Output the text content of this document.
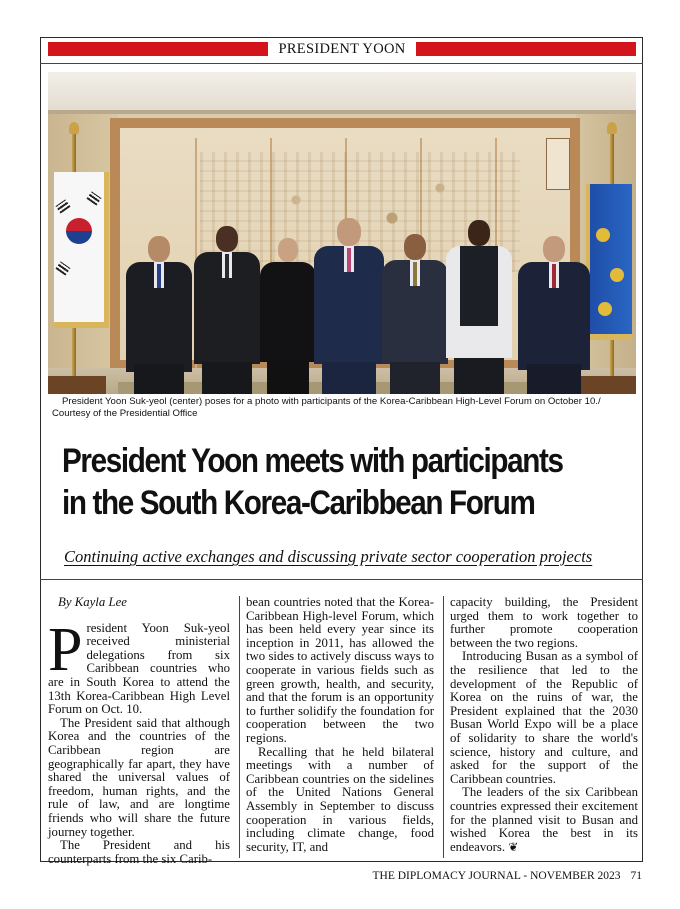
PRESIDENT YOON

President Yoon Suk-yeol (center) poses for a photo with participants of the Korea-Caribbean High-Level Forum on October 10./ Courtesy of the Presidential Office

President Yoon meets with participants
in the South Korea-Caribbean Forum

Continuing active exchanges and discussing private sector cooperation projects

By Kayla Lee

President Yoon Suk-yeol received ministerial delegations from six Caribbean countries who are in South Korea to attend the 13th Korea-Caribbean High Level Forum on Oct. 10.

The President said that although Korea and the countries of the Caribbean region are geographically far apart, they have shared the universal values of freedom, human rights, and the rule of law, and are longtime friends who will share the future journey together.

The President and his counterparts from the six Carib-

bean countries noted that the Korea-Caribbean High-level Forum, which has been held every year since its inception in 2011, has allowed the two sides to actively discuss ways to cooperate in various fields such as green growth, health, and security, and that the forum is an opportunity to further solidify the foundation for cooperation between the two regions.

Recalling that he held bilateral meetings with a number of Caribbean countries on the sidelines of the United Nations General Assembly in September to discuss cooperation in various fields, including climate change, food security, IT, and

capacity building, the President urged them to work together to further promote cooperation between the two regions.

Introducing Busan as a symbol of the resilience that led to the development of the Republic of Korea on the ruins of war, the President explained that the 2030 Busan World Expo will be a place of solidarity to share the world's science, history and culture, and asked for the support of the Caribbean countries.

The leaders of the six Caribbean countries expressed their excitement for the planned visit to Busan and wished Korea the best in its endeavors. ❦

THE DIPLOMACY JOURNAL - NOVEMBER 2023 71
